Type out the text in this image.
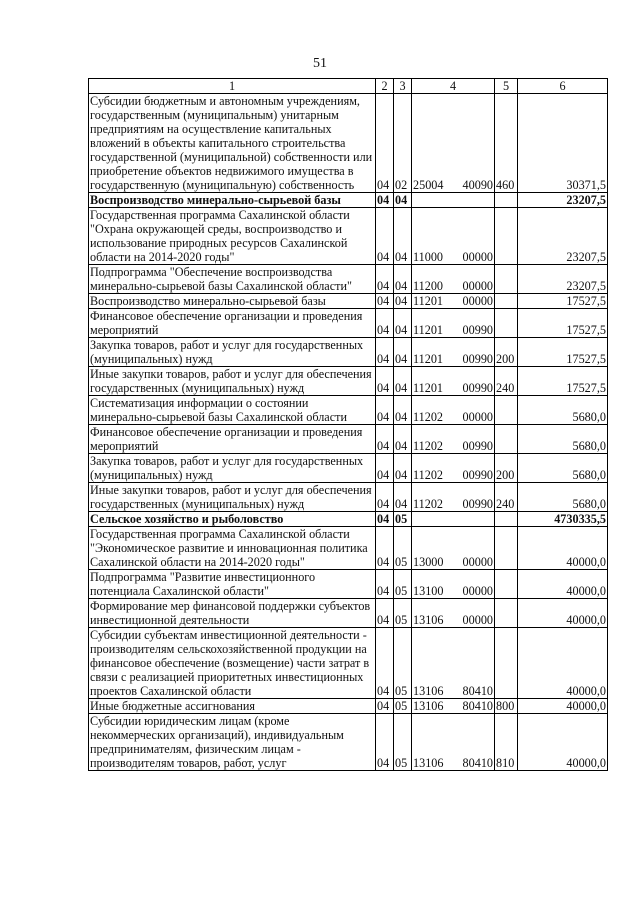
51
1	2	3	4	5	6
Субсидии бюджетным и автономным учреждениям, государственным (муниципальным) унитарным предприятиям на осуществление капитальных вложений в объекты капитального строительства государственной (муниципальной) собственности или приобретение объектов недвижимого имущества в государственную (муниципальную) собственность	04	02	25004 40090	460	30371,5
Воспроизводство минерально-сырьевой базы	04	04			23207,5
Государственная программа Сахалинской области "Охрана окружающей среды, воспроизводство и использование природных ресурсов Сахалинской области на 2014-2020 годы"	04	04	11000 00000		23207,5
Подпрограмма "Обеспечение воспроизводства минерально-сырьевой базы Сахалинской области"	04	04	11200 00000		23207,5
Воспроизводство минерально-сырьевой базы	04	04	11201 00000		17527,5
Финансовое обеспечение организации и проведения мероприятий	04	04	11201 00990		17527,5
Закупка товаров, работ и услуг для государственных (муниципальных) нужд	04	04	11201 00990	200	17527,5
Иные закупки товаров, работ и услуг для обеспечения государственных (муниципальных) нужд	04	04	11201 00990	240	17527,5
Систематизация информации о состоянии минерально-сырьевой базы Сахалинской области	04	04	11202 00000		5680,0
Финансовое обеспечение организации и проведения мероприятий	04	04	11202 00990		5680,0
Закупка товаров, работ и услуг для государственных (муниципальных) нужд	04	04	11202 00990	200	5680,0
Иные закупки товаров, работ и услуг для обеспечения государственных (муниципальных) нужд	04	04	11202 00990	240	5680,0
Сельское хозяйство и рыболовство	04	05			4730335,5
Государственная программа Сахалинской области "Экономическое развитие и инновационная политика Сахалинской области на 2014-2020 годы"	04	05	13000 00000		40000,0
Подпрограмма "Развитие инвестиционного потенциала Сахалинской области"	04	05	13100 00000		40000,0
Формирование мер финансовой поддержки субъектов инвестиционной деятельности	04	05	13106 00000		40000,0
Субсидии субъектам инвестиционной деятельности - производителям сельскохозяйственной продукции на финансовое обеспечение (возмещение) части затрат в связи с реализацией приоритетных инвестиционных проектов Сахалинской области	04	05	13106 80410		40000,0
Иные бюджетные ассигнования	04	05	13106 80410	800	40000,0
Субсидии юридическим лицам (кроме некоммерческих организаций), индивидуальным предпринимателям, физическим лицам - производителям товаров, работ, услуг	04	05	13106 80410	810	40000,0
